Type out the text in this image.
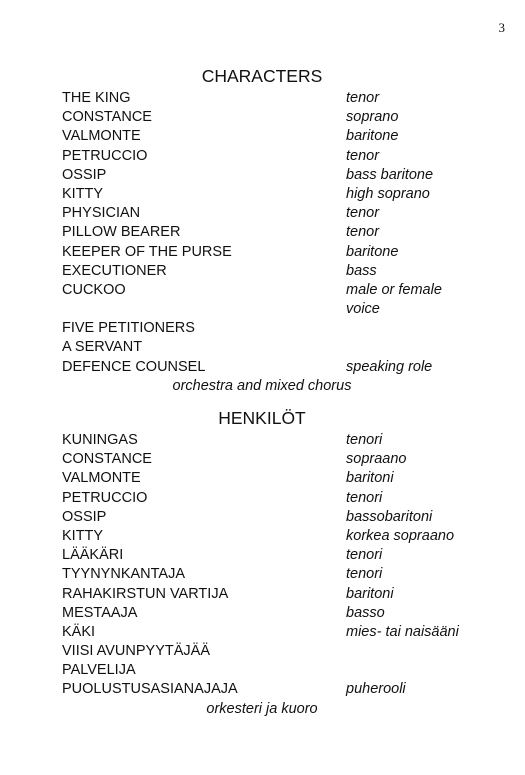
3
CHARACTERS
THE KING	tenor
CONSTANCE	soprano
VALMONTE	baritone
PETRUCCIO	tenor
OSSIP	bass baritone
KITTY	high soprano
PHYSICIAN	tenor
PILLOW BEARER	tenor
KEEPER OF THE PURSE	baritone
EXECUTIONER	bass
CUCKOO	male or female voice
FIVE PETITIONERS
A SERVANT
DEFENCE COUNSEL	speaking role
orchestra and mixed chorus
HENKILÖT
KUNINGAS	tenori
CONSTANCE	sopraano
VALMONTE	baritoni
PETRUCCIO	tenori
OSSIP	bassobaritoni
KITTY	korkea sopraano
LÄÄKÄRI	tenori
TYYNYNKANTAJA	tenori
RAHAKIRSTUN VARTIJA	baritoni
MESTAAJA	basso
KÄKI	mies- tai naisääni
VIISI AVUNPYYTÄJÄÄ
PALVELIJA
PUOLUSTUSASIANAJAJA	puherooli
orkesteri ja kuoro
